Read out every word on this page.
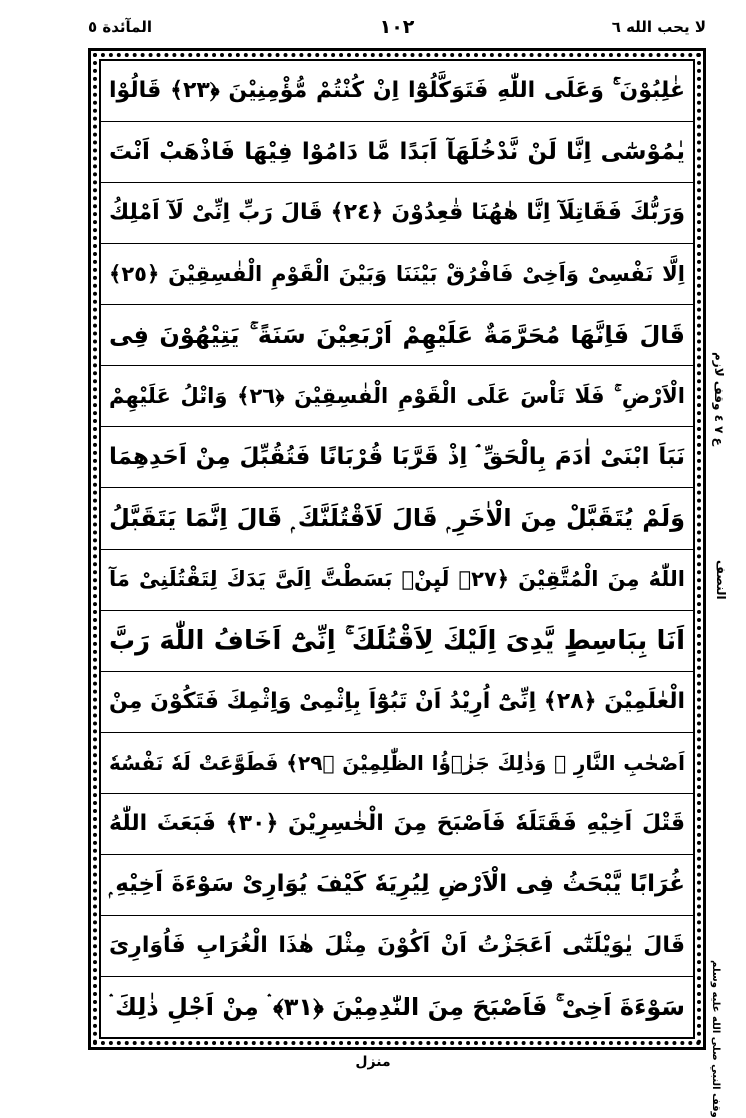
المآئدة ٥	١٠٢	لا يحب الله ٦
غٰلِبُوْنَ ۚ۬ وَعَلَى اللّٰهِ فَتَوَكَّلُوْٓا اِنْ كُنْتُمْ مُّؤْمِنِيْنَ ﴿٢٣﴾ قَالُوْا
يٰمُوْسٰٓى اِنَّا لَنْ نَّدْخُلَهَآ اَبَدًا مَّا دَامُوْا فِيْهَا فَاذْهَبْ اَنْتَ
وَرَبُّكَ فَقَاتِلَآ اِنَّا هٰهُنَا قٰعِدُوْنَ ﴿٢٤﴾ قَالَ رَبِّ اِنِّىْ لَآ اَمْلِكُ
اِلَّا نَفْسِىْ وَاَخِىْ فَافْرُقْ بَيْنَنَا وَبَيْنَ الْقَوْمِ الْفٰسِقِيْنَ ﴿٢٥﴾
قَالَ فَاِنَّهَا مُحَرَّمَةٌ عَلَيْهِمْ اَرْبَعِيْنَ سَنَةً ۚ يَتِيْهُوْنَ فِى
الْاَرْضِ ۚ فَلَا تَاْسَ عَلَى الْقَوْمِ الْفٰسِقِيْنَ ﴿٢٦﴾ وَاتْلُ عَلَيْهِمْ
نَبَاَ ابْنَىْ اٰدَمَ بِالْحَقِّ ۘ اِذْ قَرَّبَا قُرْبَانًا فَتُقُبِّلَ مِنْ اَحَدِهِمَا
وَلَمْ يُتَقَبَّلْ مِنَ الْاٰخَرِ ۭ قَالَ لَاَقْتُلَنَّكَ ۭ قَالَ اِنَّمَا يَتَقَبَّلُ
اللّٰهُ مِنَ الْمُتَّقِيْنَ ﴿٢٧﴾ لَىِٕنْۢ بَسَطْتَّ اِلَىَّ يَدَكَ لِتَقْتُلَنِىْ مَآ
اَنَا بِبَاسِطٍ يَّدِىَ اِلَيْكَ لِاَقْتُلَكَ ۚ اِنِّىْٓ اَخَافُ اللّٰهَ رَبَّ
الْعٰلَمِيْنَ ﴿٢٨﴾ اِنِّىْٓ اُرِيْدُ اَنْ تَبُوْٓاَ بِاِثْمِىْ وَاِثْمِكَ فَتَكُوْنَ مِنْ
اَصْحٰبِ النَّارِ ۚ وَذٰلِكَ جَزٰۤؤُا الظّٰلِمِيْنَ ﴿٢٩﴾ فَطَوَّعَتْ لَهٗ نَفْسُهٗ
قَتْلَ اَخِيْهِ فَقَتَلَهٗ فَاَصْبَحَ مِنَ الْخٰسِرِيْنَ ﴿٣٠﴾ فَبَعَثَ اللّٰهُ
غُرَابًا يَّبْحَثُ فِى الْاَرْضِ لِيُرِيَهٗ كَيْفَ يُوَارِىْ سَوْءَةَ اَخِيْهِ ۭ
قَالَ يٰوَيْلَتٰٓى اَعَجَزْتُ اَنْ اَكُوْنَ مِثْلَ هٰذَا الْغُرَابِ فَاُوَارِىَ
سَوْءَةَ اَخِىْ ۚ فَاَصْبَحَ مِنَ النّٰدِمِيْنَ ﴿٣١﴾ ۛ مِنْ اَجْلِ ذٰلِكَ ۛ
ع ٧ ٤ وقف لازم
النصف
وقف النبي صلى الله عليه وسلم
منزل
